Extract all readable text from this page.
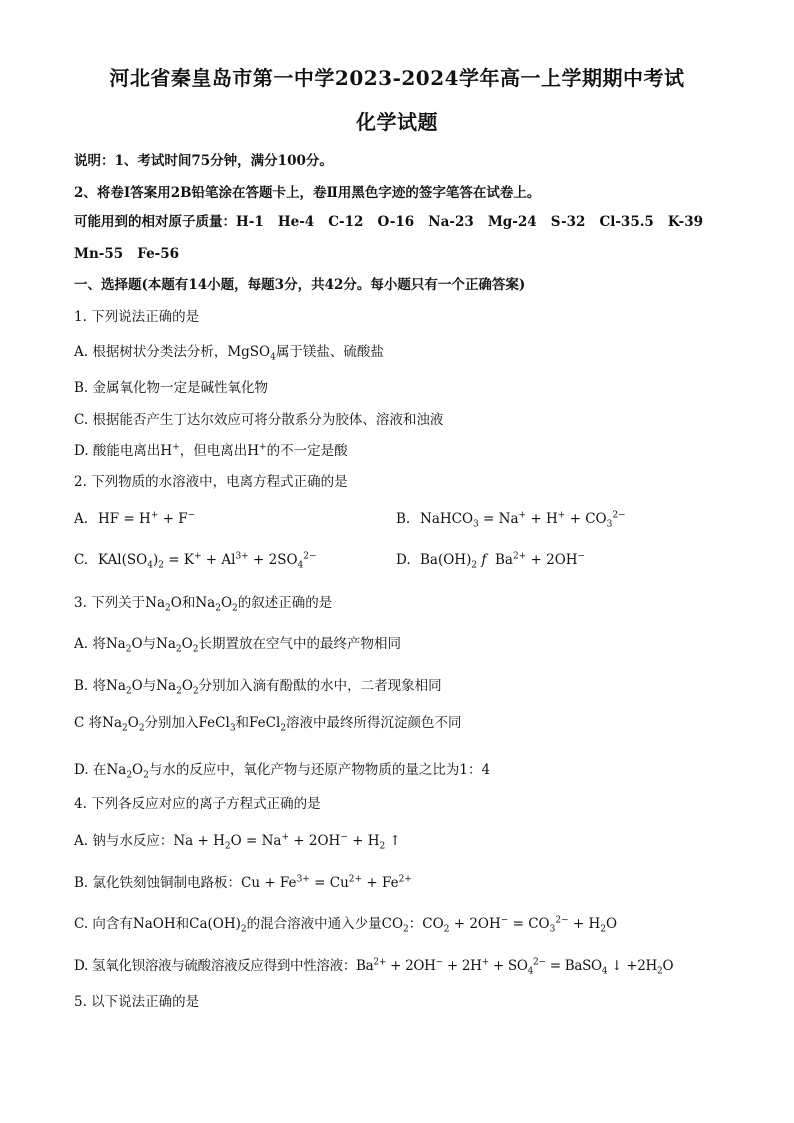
河北省秦皇岛市第一中学2023-2024学年高一上学期期中考试
化学试题
说明：1、考试时间75分钟，满分100分。
2、将卷Ⅰ答案用2B铅笔涂在答题卡上，卷Ⅱ用黑色字迹的签字笔答在试卷上。
可能用到的相对原子质量：H-1   He-4   C-12   O-16   Na-23   Mg-24   S-32   Cl-35.5   K-39
Mn-55   Fe-56
一、选择题(本题有14小题，每题3分，共42分。每小题只有一个正确答案)
1. 下列说法正确的是
A. 根据树状分类法分析，MgSO$_4$属于镁盐、硫酸盐
B. 金属氧化物一定是碱性氧化物
C. 根据能否产生丁达尔效应可将分散系分为胶体、溶液和浊液
D. 酸能电离出H+，但电离出H+的不一定是酸
2. 下列物质的水溶液中，电离方程式正确的是
A. HF = H+ + F−	B. NaHCO$_3$ = $Na^+ + H^+ + CO_3^{2-}$
C. $KAl(SO_4)_2 = K^+ + Al^{3+} + 2SO_4^{2-}$	D. $Ba(OH)_2$ f  $Ba^{2+} + 2OH^-$
3. 下列关于$Na_2O$和$Na_2O_2$的叙述正确的是
A. 将$Na_2O$与$Na_2O_2$长期置放在空气中的最终产物相同
B. 将$Na_2O$与$Na_2O_2$分别加入滴有酚酞的水中，二者现象相同
C 将$Na_2O_2$分别加入FeCl$_3$和FeCl$_2$溶液中最终所得沉淀颜色不同
D. 在$Na_2O_2$与水的反应中，氧化产物与还原产物物质的量之比为1：4
4. 下列各反应对应的离子方程式正确的是
A. 钠与水反应：$Na + H_2O = Na^+ + 2OH^- + H_2$ ↑
B. 氯化铁刻蚀铜制电路板：$Cu + Fe^{3+} = Cu^{2+} + Fe^{2+}$
C. 向含有NaOH和$Ca(OH)_2$的混合溶液中通入少量$CO_2$：$CO_2 + 2OH^- = CO_3^{2-} + H_2O$
D. 氢氧化钡溶液与硫酸溶液反应得到中性溶液：$Ba^{2+} + 2OH^- + 2H^+ + SO_4^{2-}$ = BaSO$_4$ ↓ $+2H_2O$
5. 以下说法正确的是
